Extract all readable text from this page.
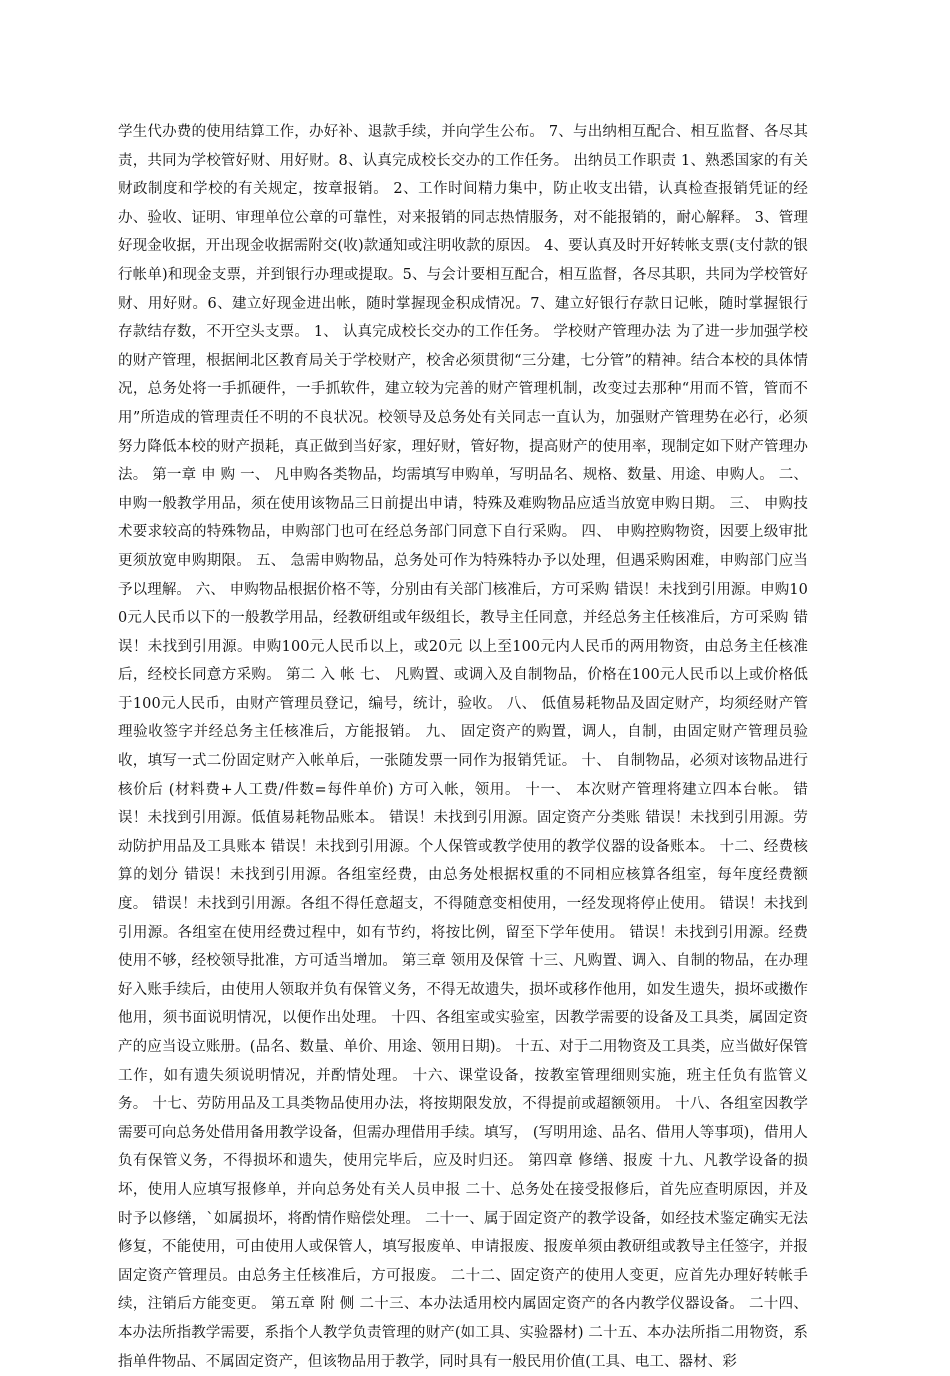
学生代办费的使用结算工作，办好补、退款手续，并向学生公布。 7、与出纳相互配合、相互监督、各尽其责，共同为学校管好财、用好财。8、认真完成校长交办的工作任务。 出纳员工作职责 1、熟悉国家的有关财政制度和学校的有关规定，按章报销。 2、工作时间精力集中，防止收支出错，认真检查报销凭证的经办、验收、证明、审理单位公章的可靠性，对来报销的同志热情服务，对不能报销的，耐心解释。 3、管理好现金收据，开出现金收据需附交(收)款通知或注明收款的原因。 4、要认真及时开好转帐支票(支付款的银行帐单)和现金支票，并到银行办理或提取。5、与会计要相互配合，相互监督，各尽其职，共同为学校管好财、用好财。6、建立好现金进出帐，随时掌握现金积成情况。7、建立好银行存款日记帐，随时掌握银行存款结存数，不开空头支票。 1、 认真完成校长交办的工作任务。 学校财产管理办法 为了进一步加强学校的财产管理，根据闸北区教育局关于学校财产，校舍必须贯彻“三分建，七分管”的精神。结合本校的具体情况，总务处将一手抓硬件，一手抓软件，建立较为完善的财产管理机制，改变过去那种“用而不管，管而不用”所造成的管理责任不明的不良状况。校领导及总务处有关同志一直认为，加强财产管理势在必行，必须努力降低本校的财产损耗，真正做到当好家，理好财，管好物，提高财产的使用率，现制定如下财产管理办法。 第一章 申 购 一、 凡申购各类物品，均需填写申购单，写明品名、规格、数量、用途、申购人。 二、 申购一般教学用品，须在使用该物品三日前提出申请，特殊及难购物品应适当放宽申购日期。 三、 申购技术要求较高的特殊物品，申购部门也可在经总务部门同意下自行采购。 四、 申购控购物资，因要上级审批更须放宽申购期限。 五、 急需申购物品，总务处可作为特殊特办予以处理，但遇采购困难，申购部门应当予以理解。 六、 申购物品根据价格不等，分别由有关部门核准后，方可采购 错误！未找到引用源。申购100元人民币以下的一般教学用品，经教研组或年级组长，教导主任同意，并经总务主任核准后，方可采购 错误！未找到引用源。申购100元人民币以上，或20元 以上至100元内人民币的两用物资，由总务主任核准后，经校长同意方采购。 第二 入 帐 七、 凡购置、或调入及自制物品，价格在100元人民币以上或价格低于100元人民币，由财产管理员登记，编号，统计，验收。 八、 低值易耗物品及固定财产，均须经财产管理验收签字并经总务主任核准后，方能报销。 九、 固定资产的购置，调人，自制，由固定财产管理员验收，填写一式二份固定财产入帐单后，一张随发票一同作为报销凭证。 十、 自制物品，必须对该物品进行核价后 (材料费+人工费/件数=每件单价) 方可入帐，领用。 十一、 本次财产管理将建立四本台帐。 错误！未找到引用源。低值易耗物品账本。 错误！未找到引用源。固定资产分类账 错误！未找到引用源。劳动防护用品及工具账本 错误！未找到引用源。个人保管或教学使用的教学仪器的设备账本。 十二、经费核算的划分 错误！未找到引用源。各组室经费，由总务处根据权重的不同相应核算各组室，每年度经费额度。 错误！未找到引用源。各组不得任意超支，不得随意变相使用，一经发现将停止使用。 错误！未找到引用源。各组室在使用经费过程中，如有节约，将按比例，留至下学年使用。 错误！未找到引用源。经费使用不够，经校领导批准，方可适当增加。 第三章 领用及保管 十三、凡购置、调入、自制的物品，在办理好入账手续后，由使用人领取并负有保管义务，不得无故遗失，损坏或移作他用，如发生遗失，损坏或擞作他用，须书面说明情况，以便作出处理。 十四、各组室或实验室，因教学需要的设备及工具类，属固定资产的应当设立账册。(品名、数量、单价、用途、领用日期)。 十五、对于二用物资及工具类，应当做好保管工作，如有遗失须说明情况，并酌情处理。 十六、课堂设备，按教室管理细则实施，班主任负有监管义务。 十七、劳防用品及工具类物品使用办法，将按期限发放，不得提前或超额领用。 十八、各组室因教学需要可向总务处借用备用教学设备，但需办理借用手续。填写， (写明用途、品名、借用人等事项)，借用人负有保管义务，不得损坏和遗失，使用完毕后，应及时归还。 第四章 修缮、报废 十九、凡教学设备的损坏，使用人应填写报修单，并向总务处有关人员申报 二十、总务处在接受报修后，首先应查明原因，并及时予以修缮，`如属损坏，将酌情作赔偿处理。 二十一、属于固定资产的教学设备，如经技术鉴定确实无法修复，不能使用，可由使用人或保管人，填写报废单、申请报废、报废单须由教研组或教导主任签字，并报固定资产管理员。由总务主任核准后，方可报废。 二十二、固定资产的使用人变更，应首先办理好转帐手续，注销后方能变更。 第五章 附 侧 二十三、本办法适用校内属固定资产的各内教学仪器设备。 二十四、本办法所指教学需要，系指个人教学负责管理的财产(如工具、实验器材) 二十五、本办法所指二用物资，系指单件物品、不属固定资产，但该物品用于教学，同时具有一般民用价值(工具、电工、器材、彩
